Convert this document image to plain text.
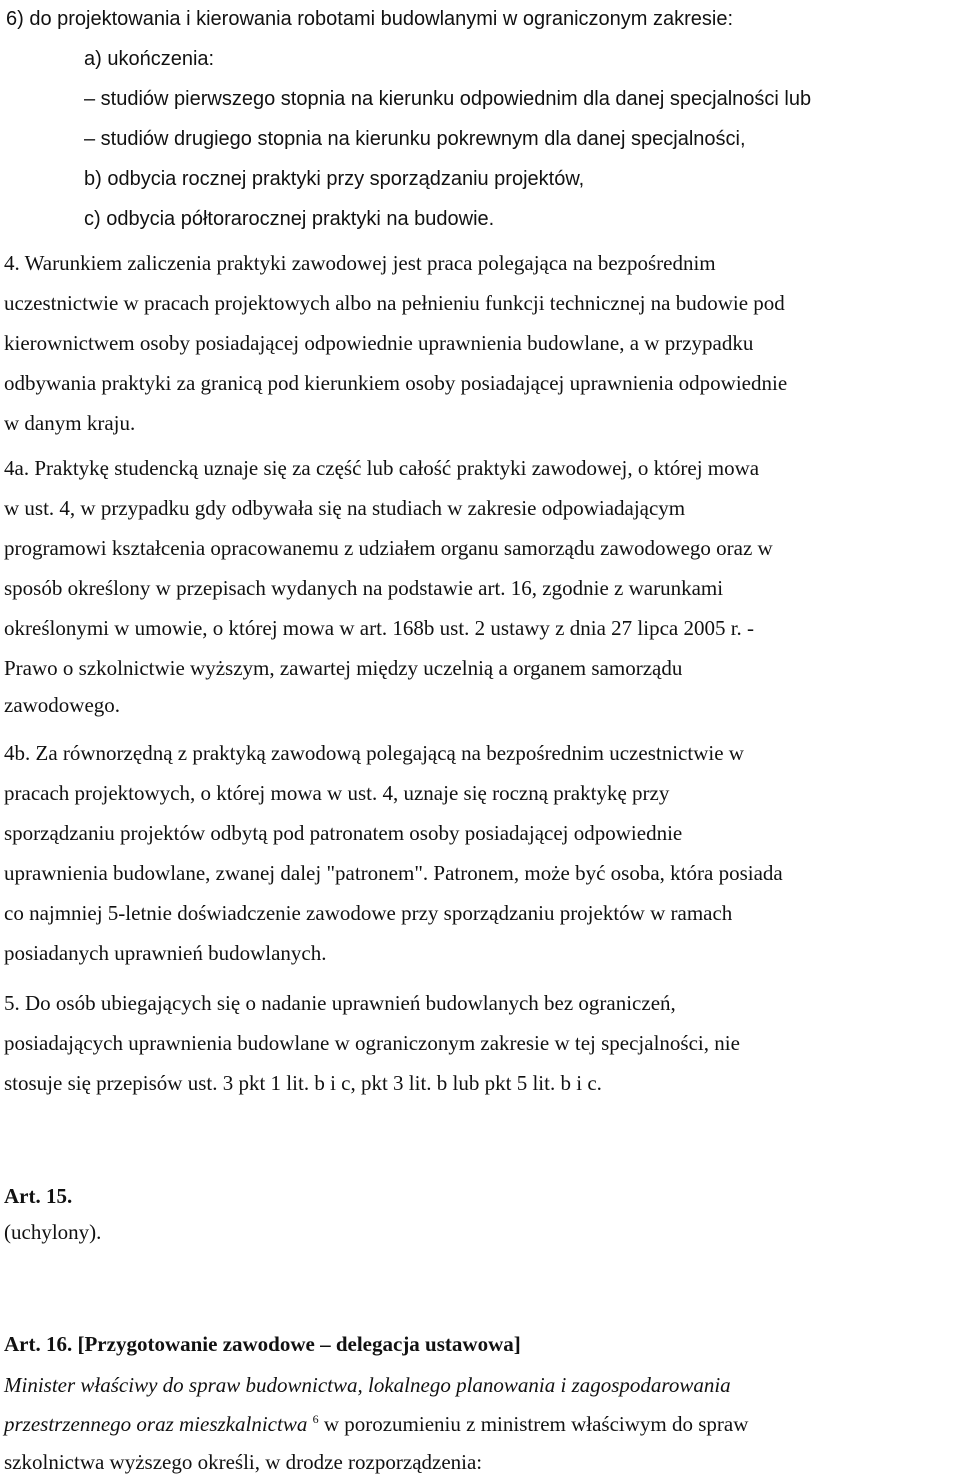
6) do projektowania i kierowania robotami budowlanymi w ograniczonym zakresie:
a) ukończenia:
– studiów pierwszego stopnia na kierunku odpowiednim dla danej specjalności lub
– studiów drugiego stopnia na kierunku pokrewnym dla danej specjalności,
b) odbycia rocznej praktyki przy sporządzaniu projektów,
c) odbycia półtorarocznej praktyki na budowie.
4. Warunkiem zaliczenia praktyki zawodowej jest praca polegająca na bezpośrednim
uczestnictwie w pracach projektowych albo na pełnieniu funkcji technicznej na budowie pod
kierownictwem osoby posiadającej odpowiednie uprawnienia budowlane, a w przypadku
odbywania praktyki za granicą pod kierunkiem osoby posiadającej uprawnienia odpowiednie
w danym kraju.
4a. Praktykę studencką uznaje się za część lub całość praktyki zawodowej, o której mowa
w ust. 4, w przypadku gdy odbywała się na studiach w zakresie odpowiadającym
programowi kształcenia opracowanemu z udziałem organu samorządu zawodowego oraz w
sposób określony w przepisach wydanych na podstawie art. 16, zgodnie z warunkami
określonymi w umowie, o której mowa w art. 168b ust. 2 ustawy z dnia 27 lipca 2005 r. -
Prawo o szkolnictwie wyższym, zawartej między uczelnią a organem samorządu
zawodowego.
4b. Za równorzędną z praktyką zawodową polegającą na bezpośrednim uczestnictwie w
pracach projektowych, o której mowa w ust. 4, uznaje się roczną praktykę przy
sporządzaniu projektów odbytą pod patronatem osoby posiadającej odpowiednie
uprawnienia budowlane, zwanej dalej "patronem". Patronem, może być osoba, która posiada
co najmniej 5-letnie doświadczenie zawodowe przy sporządzaniu projektów w ramach
posiadanych uprawnień budowlanych.
5. Do osób ubiegających się o nadanie uprawnień budowlanych bez ograniczeń,
posiadających uprawnienia budowlane w ograniczonym zakresie w tej specjalności, nie
stosuje się przepisów ust. 3 pkt 1 lit. b i c, pkt 3 lit. b lub pkt 5 lit. b i c.
Art. 15.
(uchylony).
Art. 16. [Przygotowanie zawodowe – delegacja ustawowa]
Minister właściwy do spraw budownictwa, lokalnego planowania i zagospodarowania
przestrzennego oraz mieszkalnictwa $^6$ w porozumieniu z ministrem właściwym do spraw
szkolnictwa wyższego określi, w drodze rozporządzenia:
